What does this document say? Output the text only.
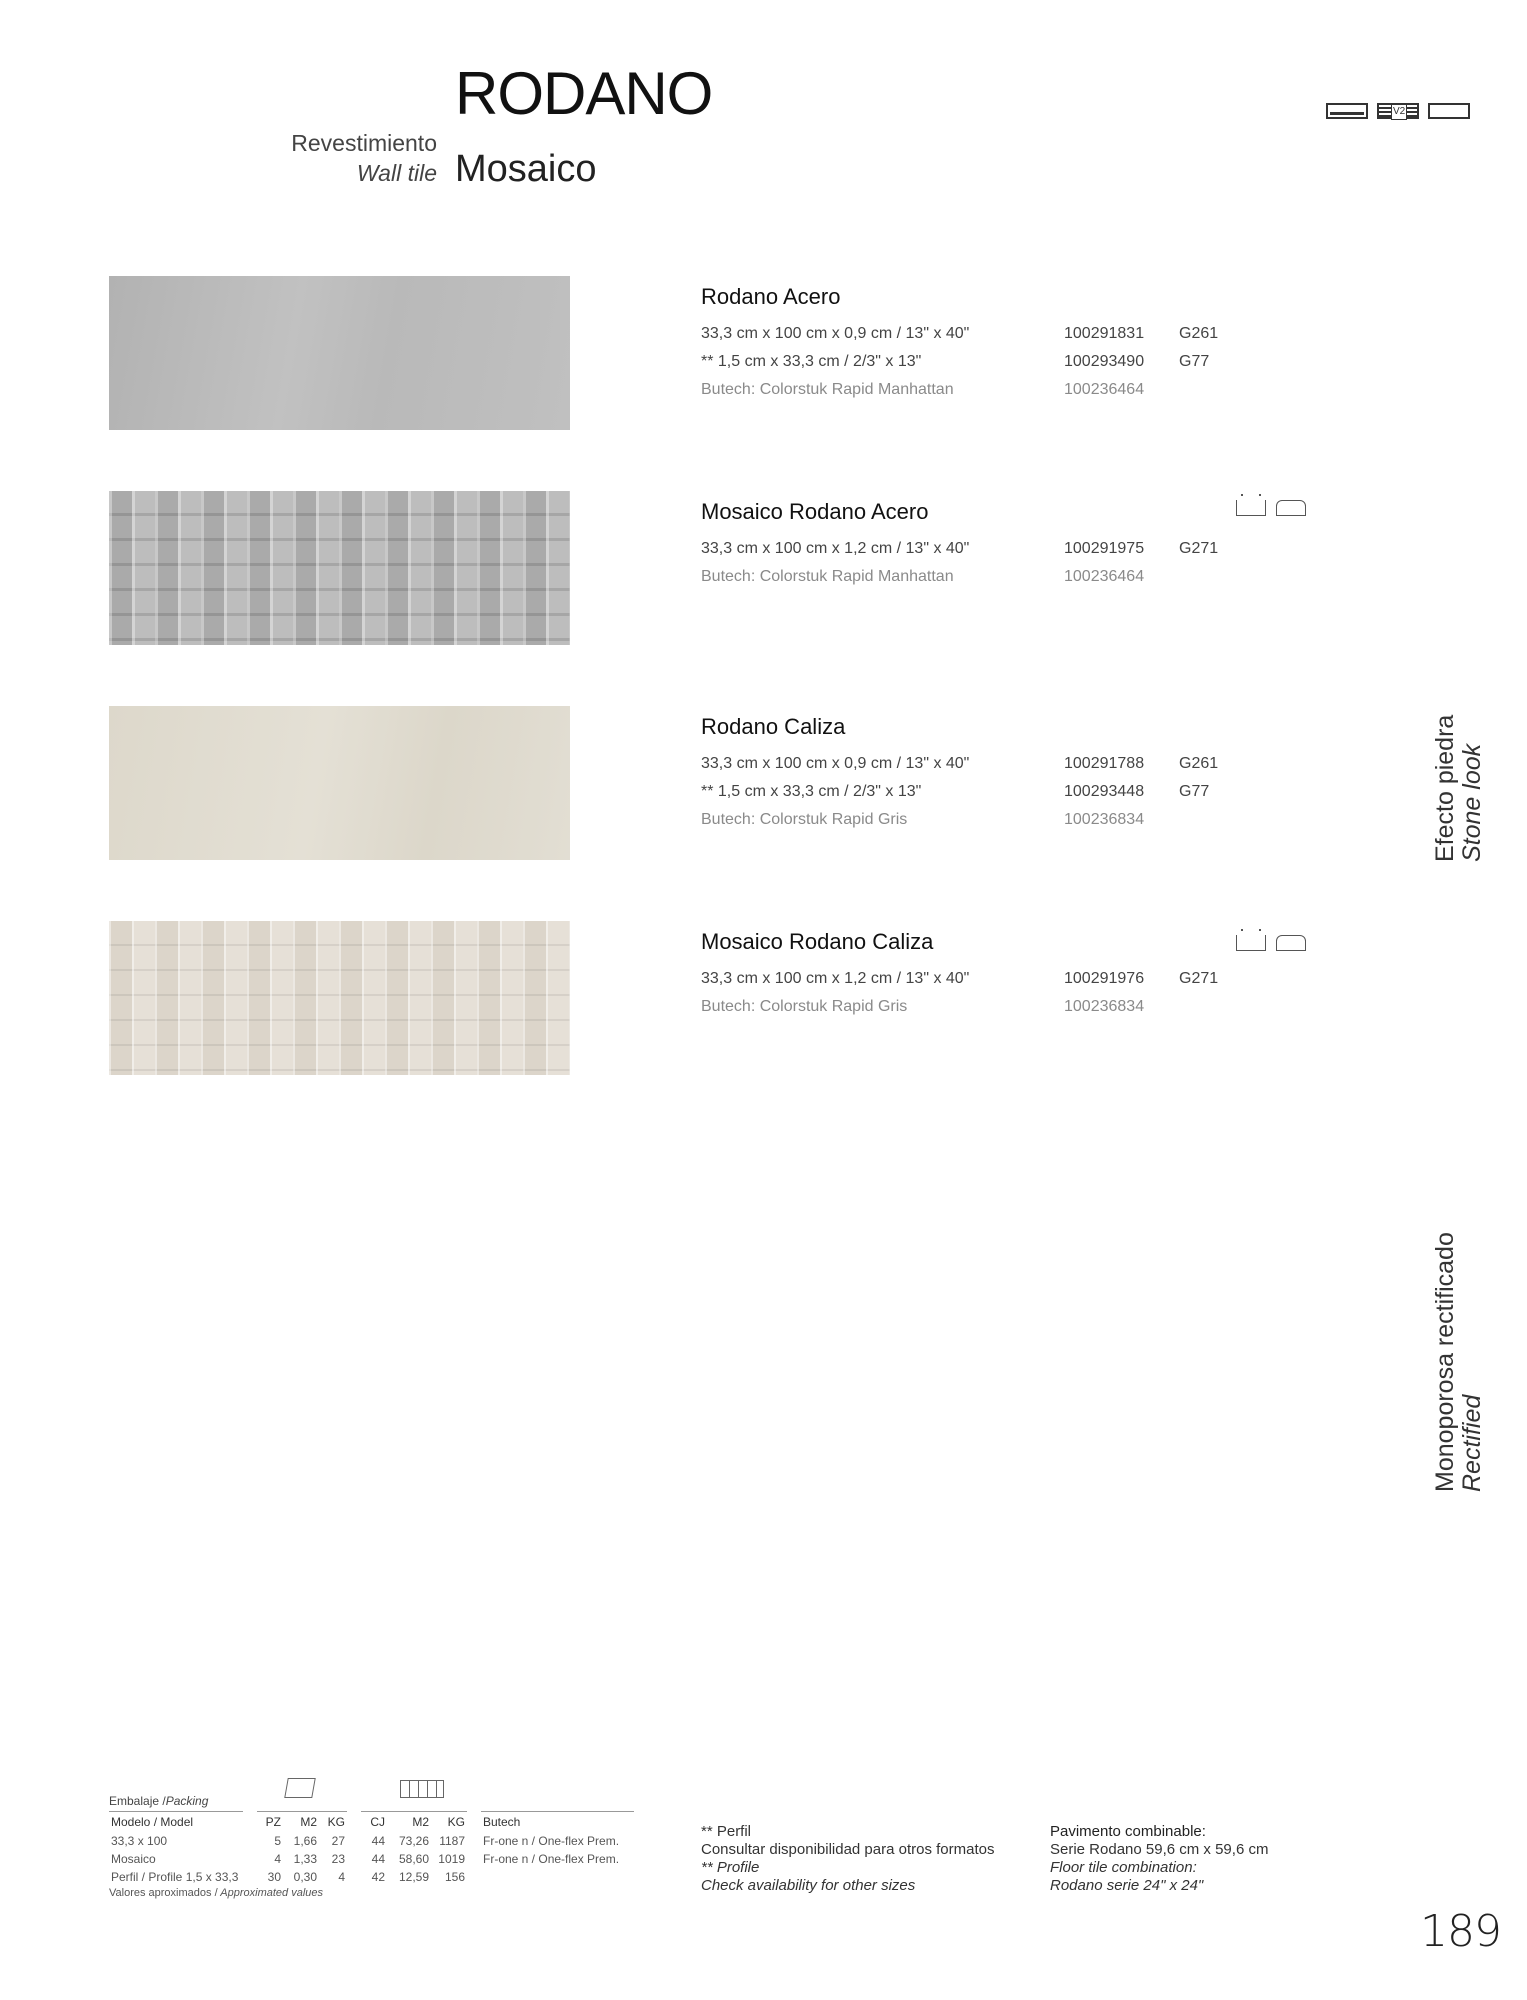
RODANO
Revestimiento
Wall tile Mosaico
V2
Rodano Acero
33,3 cm x 100 cm x 0,9 cm / 13" x 40"	100291831	G261
** 1,5 cm x 33,3 cm / 2/3" x 13"	100293490	G77
Butech: Colorstuk Rapid Manhattan	100236464
Mosaico Rodano Acero
33,3 cm x 100 cm x 1,2 cm / 13" x 40"	100291975	G271
Butech: Colorstuk Rapid Manhattan	100236464
Rodano Caliza
33,3 cm x 100 cm x 0,9 cm / 13" x 40"	100291788	G261
** 1,5 cm x 33,3 cm / 2/3" x 13"	100293448	G77
Butech: Colorstuk Rapid Gris	100236834
Mosaico Rodano Caliza
33,3 cm x 100 cm x 1,2 cm / 13" x 40"	100291976	G271
Butech: Colorstuk Rapid Gris	100236834
Efecto piedra Stone look
Monoporosa rectificado Rectified
Embalaje /Packing
Modelo / Model		PZ	M2	KG		CJ	M2	KG		Butech
33,3 x 100		5	1,66	27		44	73,26	1187		Fr-one n / One-flex Prem.
Mosaico		4	1,33	23		44	58,60	1019		Fr-one n / One-flex Prem.
Perfil / Profile 1,5 x 33,3		30	0,30	4		42	12,59	156		
Valores aproximados / Approximated values
** Perfil
Consultar disponibilidad para otros formatos
** Profile
Check availability for other sizes
Pavimento combinable:
Serie Rodano 59,6 cm x 59,6 cm
Floor tile combination:
Rodano serie 24" x 24"
189
